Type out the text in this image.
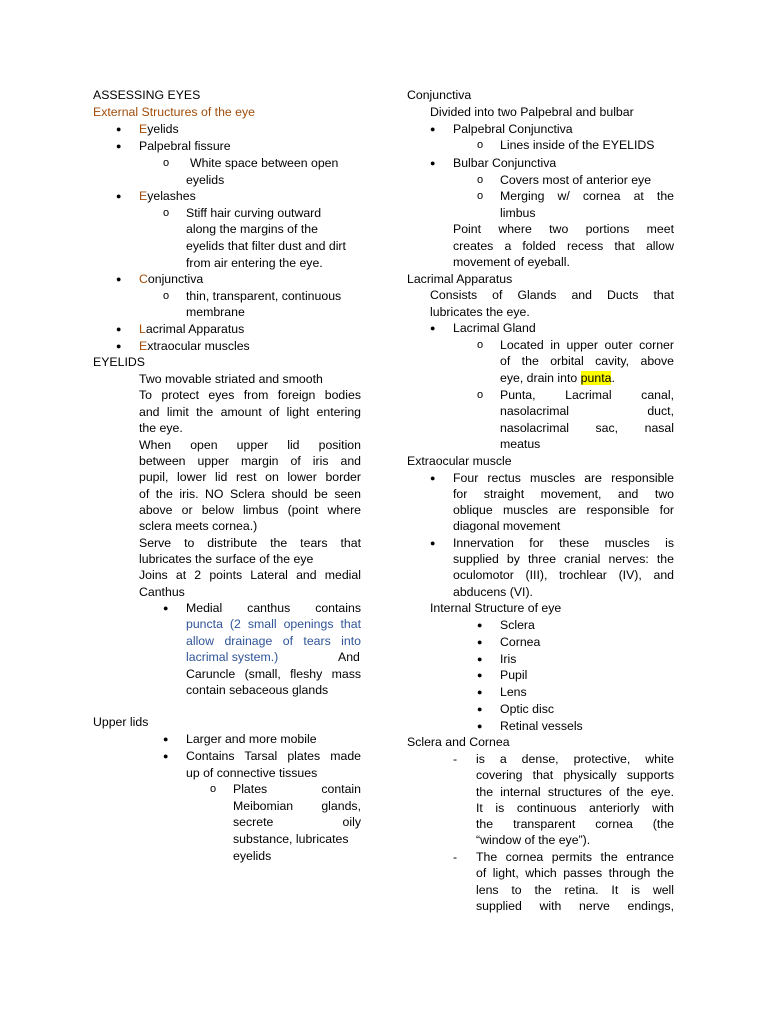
ASSESSING EYES
External Structures of the eye
● Eyelids
● Palpebral fissure
o White space between open
eyelids
● Eyelashes
o Stiff hair curving outward
along the margins of the
eyelids that filter dust and dirt
from air entering the eye.
● Conjunctiva
o thin, transparent, continuous
membrane
● Lacrimal Apparatus
● Extraocular muscles
EYELIDS
Two movable striated and smooth
To protect eyes from foreign bodies
and limit the amount of light entering
the eye.
When open upper lid position
between upper margin of iris and
pupil, lower lid rest on lower border
of the iris. NO Sclera should be seen
above or below limbus (point where
sclera meets cornea.)
Serve to distribute the tears that
lubricates the surface of the eye
Joins at 2 points Lateral and medial
Canthus
● Medial canthus contains
puncta (2 small openings that
allow drainage of tears into
lacrimal system.)	And
Caruncle (small, fleshy mass
contain sebaceous glands
Upper lids
● Larger and more mobile
● Contains Tarsal plates made
up of connective tissues
o Plates contain
Meibomian glands,
secrete oily
substance, lubricates
eyelids
Conjunctiva
Divided into two Palpebral and bulbar
● Palpebral Conjunctiva
o Lines inside of the EYELIDS
● Bulbar Conjunctiva
o Covers most of anterior eye
o Merging w/ cornea at the
limbus
Point where two portions meet
creates a folded recess that allow
movement of eyeball.
Lacrimal Apparatus
Consists of Glands and Ducts that
lubricates the eye.
● Lacrimal Gland
o Located in upper outer corner
of the orbital cavity, above
eye, drain into punta.
o Punta, Lacrimal canal,
nasolacrimal duct,
nasolacrimal sac, nasal
meatus
Extraocular muscle
● Four rectus muscles are responsible
for straight movement, and two
oblique muscles are responsible for
diagonal movement
● Innervation for these muscles is
supplied by three cranial nerves: the
oculomotor (III), trochlear (IV), and
abducens (VI).
Internal Structure of eye
● Sclera
● Cornea
● Iris
● Pupil
● Lens
● Optic disc
● Retinal vessels
Sclera and Cornea
- is a dense, protective, white
covering that physically supports
the internal structures of the eye.
It is continuous anteriorly with
the transparent cornea (the
“window of the eye”).
- The cornea permits the entrance
of light, which passes through the
lens to the retina. It is well
supplied with nerve endings,
